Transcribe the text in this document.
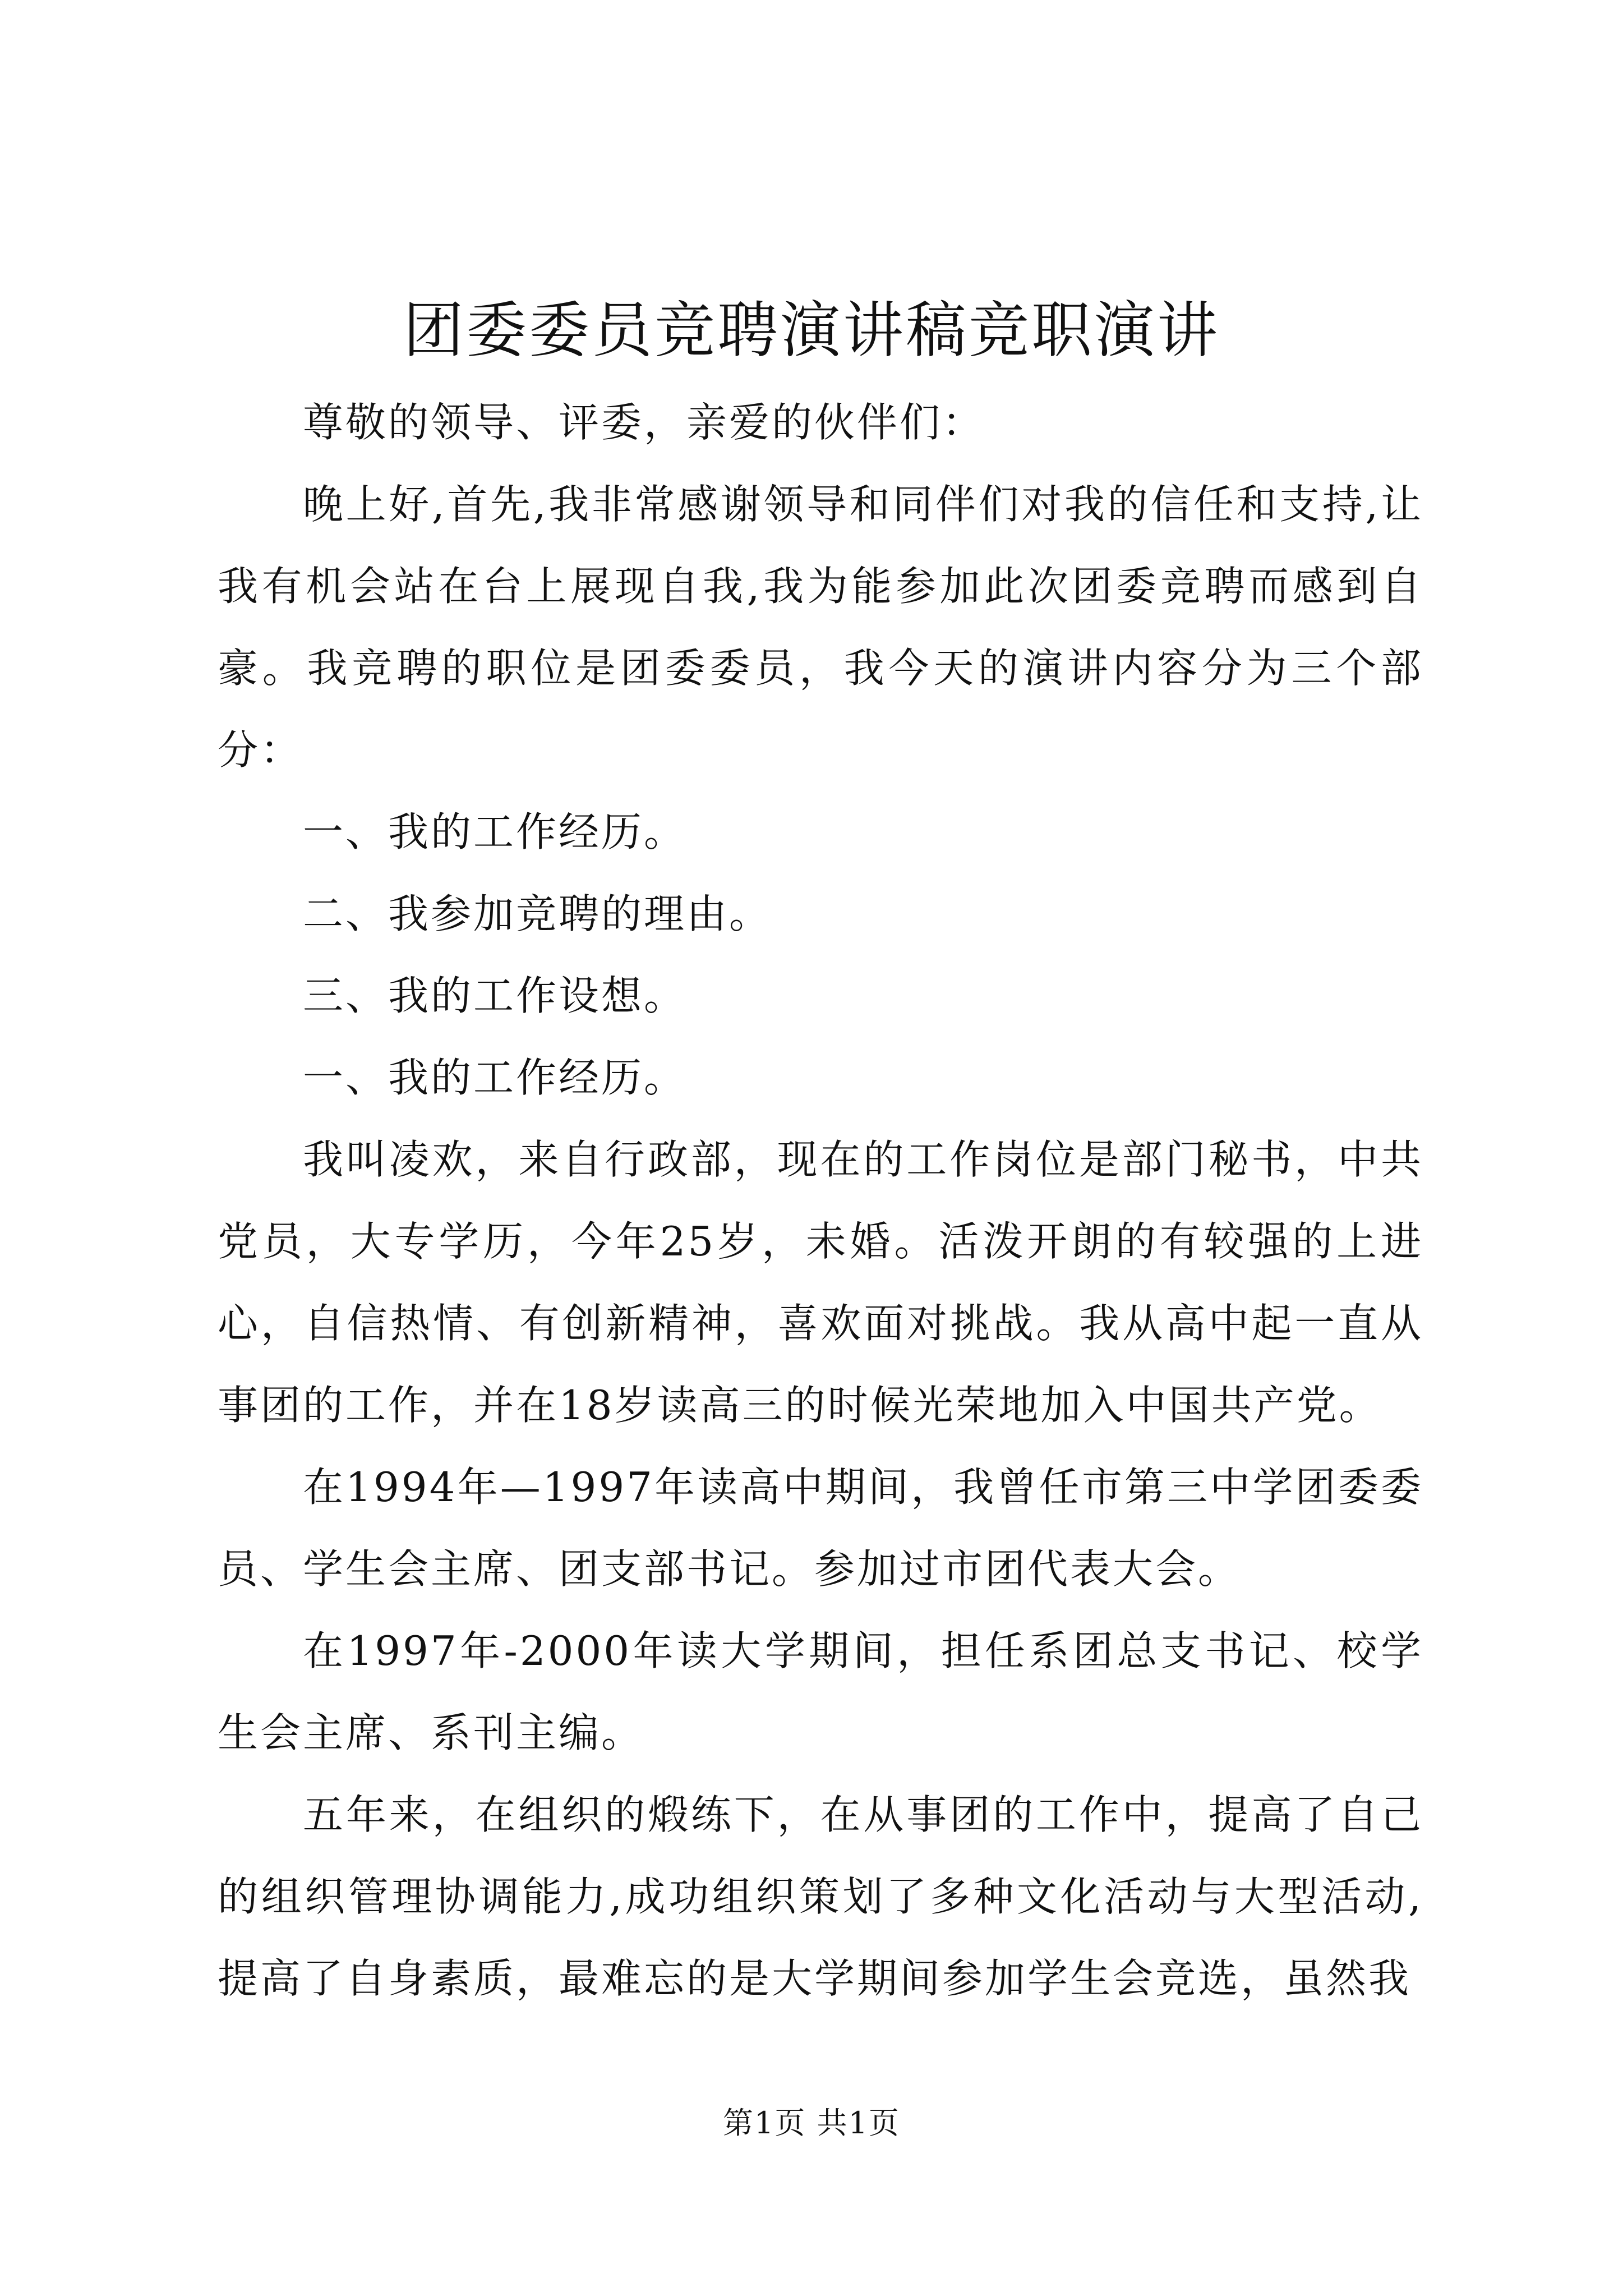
团委委员竞聘演讲稿竞职演讲

尊敬的领导、评委，亲爱的伙伴们：

晚上好,首先,我非常感谢领导和同伴们对我的信任和支持,让我有机会站在台上展现自我,我为能参加此次团委竞聘而感到自豪。我竞聘的职位是团委委员，我今天的演讲内容分为三个部分：

一、我的工作经历。

二、我参加竞聘的理由。

三、我的工作设想。

一、我的工作经历。

我叫凌欢，来自行政部，现在的工作岗位是部门秘书，中共党员，大专学历，今年25岁，未婚。活泼开朗的有较强的上进心，自信热情、有创新精神，喜欢面对挑战。我从高中起一直从事团的工作，并在18岁读高三的时候光荣地加入中国共产党。

在1994年—1997年读高中期间，我曾任市第三中学团委委员、学生会主席、团支部书记。参加过市团代表大会。

在1997年-2000年读大学期间，担任系团总支书记、校学生会主席、系刊主编。

五年来，在组织的煅练下，在从事团的工作中，提高了自己的组织管理协调能力,成功组织策划了多种文化活动与大型活动,提高了自身素质，最难忘的是大学期间参加学生会竞选，虽然我

第1页 共1页
